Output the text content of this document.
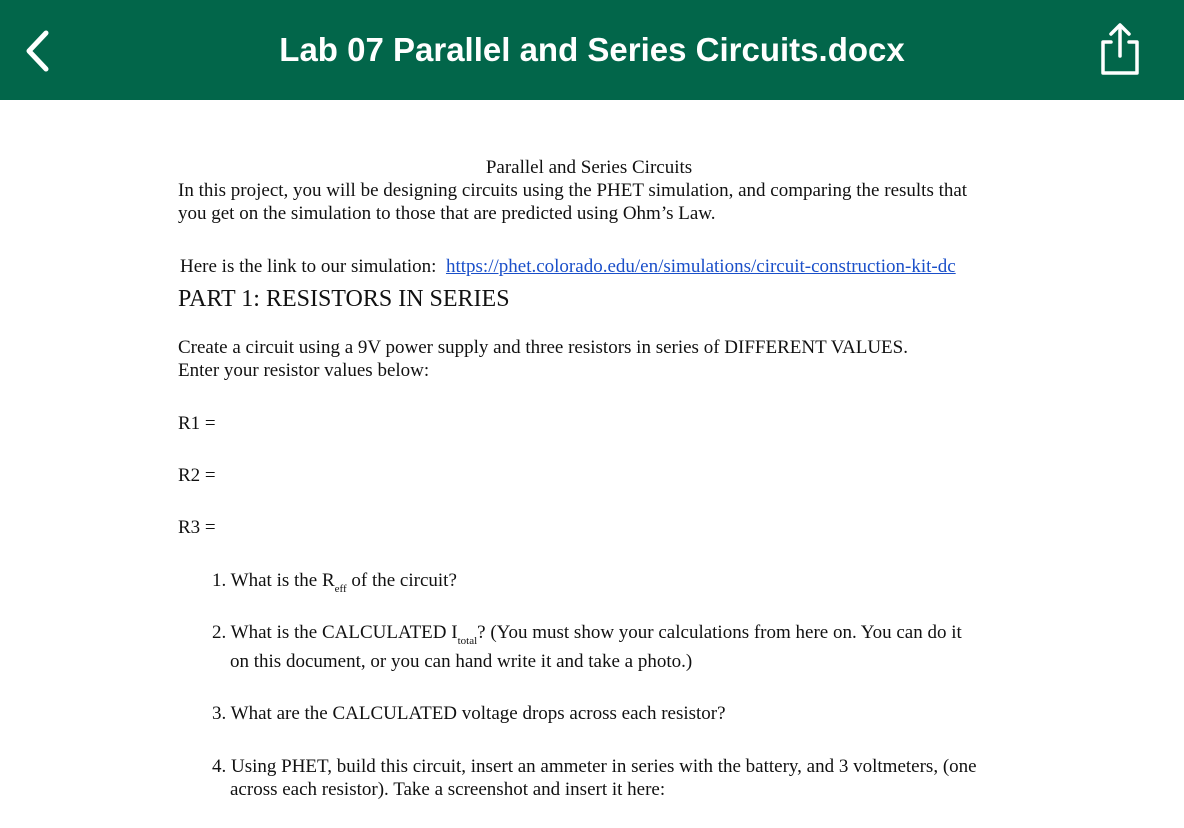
Lab 07 Parallel and Series Circuits.docx
Parallel and Series Circuits
In this project, you will be designing circuits using the PHET simulation, and comparing the results that
you get on the simulation to those that are predicted using Ohm’s Law.
Here is the link to our simulation: https://phet.colorado.edu/en/simulations/circuit-construction-kit-dc
PART 1: RESISTORS IN SERIES
Create a circuit using a 9V power supply and three resistors in series of DIFFERENT VALUES.
Enter your resistor values below:
R1 =
R2 =
R3 =
1. What is the $R_{eff}$ of the circuit?
2. What is the CALCULATED $I_{total}$? (You must show your calculations from here on. You can do it
on this document, or you can hand write it and take a photo.)
3. What are the CALCULATED voltage drops across each resistor?
4. Using PHET, build this circuit, insert an ammeter in series with the battery, and 3 voltmeters, (one
across each resistor). Take a screenshot and insert it here:
